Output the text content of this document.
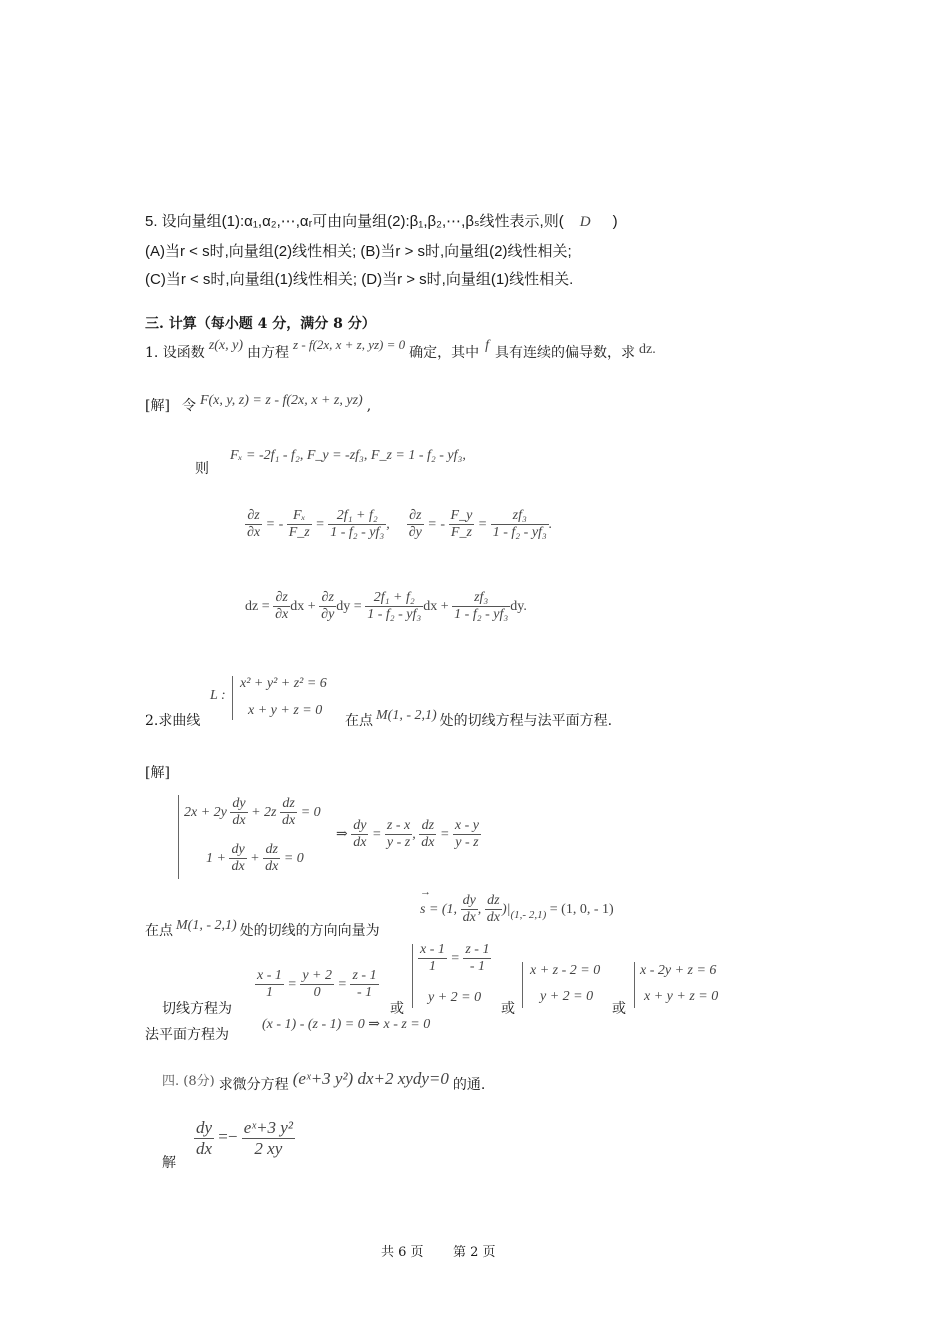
5. 设向量组(1):α₁,α₂,⋯,αᵣ可由向量组(2):β₁,β₂,⋯,βₛ线性表示,则( D )
(A)当r < s时,向量组(2)线性相关; (B)当r > s时,向量组(2)线性相关;
(C)当r < s时,向量组(1)线性相关; (D)当r > s时,向量组(1)线性相关.
三. 计算（每小题 4 分，满分 8 分）
1. 设函数 z(x, y) 由方程z - f(2x, x + z, yz) = 0确定，其中 f 具有连续的偏导数，求 dz.
[解] 令 F(x, y, z) = z - f(2x, x + z, yz) ,
则
Fₓ = -2f₁ - f₂, F_y = -zf₃, F_z = 1 - f₂ - yf₃,
$\frac{\partial z}{\partial x}$ = - $\frac{\text{Fₓ}}{F\_z} = \frac{\text{2f₁ + f₂}}{\text{1 - f₂ - yf₃}}$ , $\frac{\partial z}{\partial y}$ = - $\frac{F\_y}{F\_z} = \frac{\text{zf₃}}{\text{1 - f₂ - yf₃}}$ .
dz = $\frac{\partial z}{\partial x}$ dx + $\frac{\partial z}{\partial y}$ dy = $\frac{\text{2f₁ + f₂}}{\text{1 - f₂ - yf₃}}$ dx + $\frac{\text{zf₃}}{\text{1 - f₂ - yf₃}}$ dy.
L :
x² + y² + z² = 6
x + y + z = 0
2.求曲线	在点 M(1, - 2,1) 处的切线方程与法平面方程.
[解]
$2x + 2y \frac{dy}{dx} + 2z \frac{dz}{dx} = 0$
$1 + \frac{dy}{dx} + \frac{dz}{dx} = 0$
⇒ $\frac{dy}{dx} = \frac{z - x}{y - z}$ , $\frac{dz}{dx} = \frac{x - y}{y - z}$
在点 M(1, - 2,1) 处的切线的方向向量为
→
s = (1, $\frac{dy}{dx}$ , $\frac{dz}{dx} )|_{(1,- 2,1)} = (1$, 0, - 1)
$\frac{x - 1}{1} = \frac{y + 2}{0} = \frac{z - 1}{- 1}$
切线方程为	或
$\frac{x - 1}{1} = \frac{z - 1}{- 1}$
y + 2 = 0
或
x + z - 2 = 0
y + 2 = 0
或
x - 2y + z = 6
x + y + z = 0
法平面方程为
(x - 1) - (z - 1) = 0 ⇒ x - z = 0
四. (8分) 求微分方程 (eˣ+3 y²) dx+2 xydy=0 的通.
解
$\frac{dy}{dx} =- \frac{\text{eˣ+3 y²}}{2 xy}$
共 6 页 第 2 页
